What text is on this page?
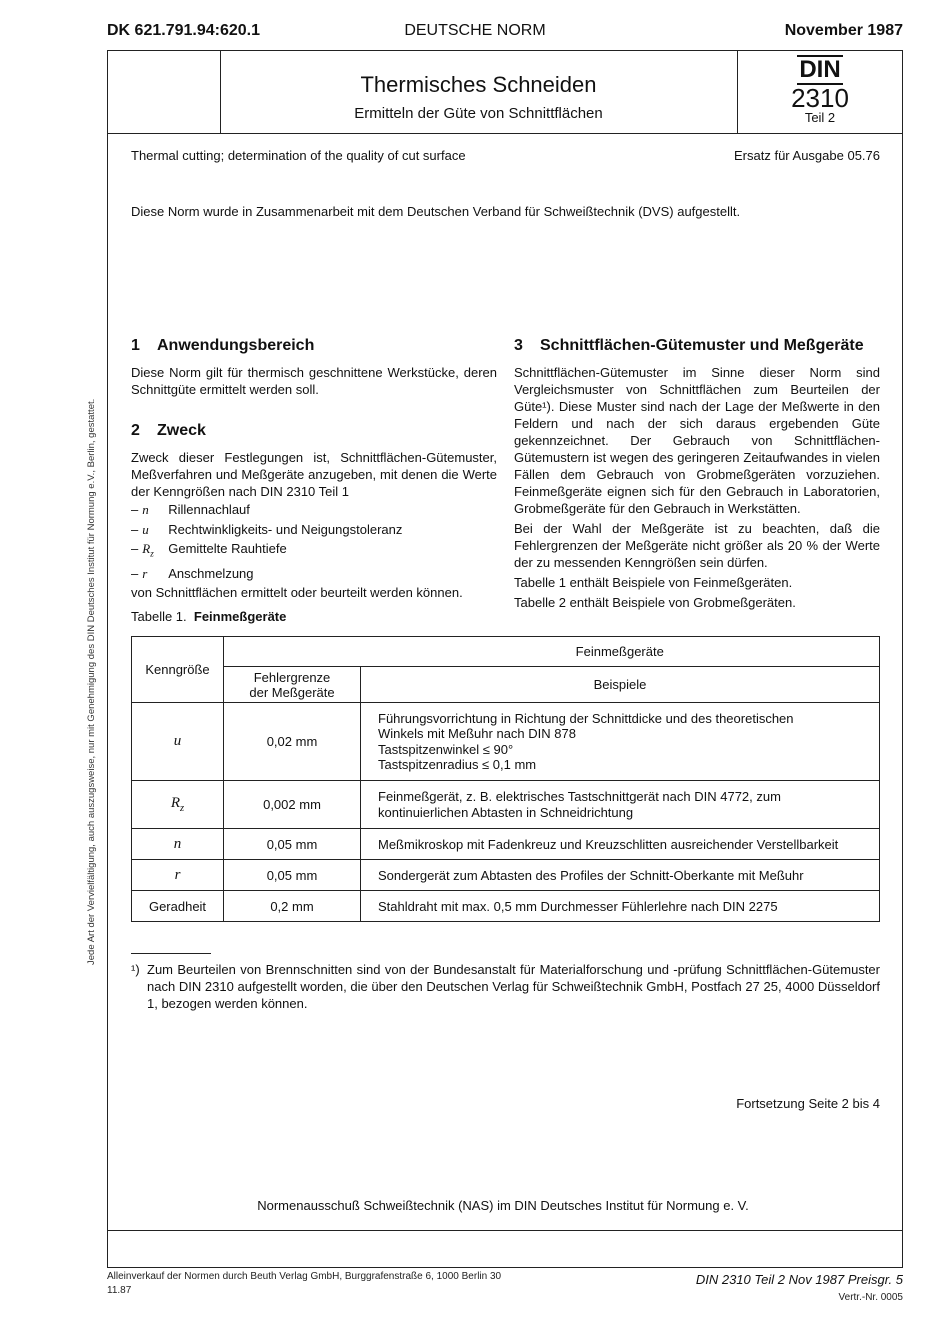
DK 621.791.94:620.1	DEUTSCHE NORM	November 1987
Thermisches Schneiden
Ermitteln der Güte von Schnittflächen
DIN
2310
Teil 2
Thermal cutting; determination of the quality of cut surface	Ersatz für Ausgabe 05.76
Diese Norm wurde in Zusammenarbeit mit dem Deutschen Verband für Schweißtechnik (DVS) aufgestellt.
Jede Art der Vervielfältigung, auch auszugsweise, nur mit Genehmigung des DIN Deutsches Institut für Normung e.V., Berlin, gestattet.
1 Anwendungsbereich

Diese Norm gilt für thermisch geschnittene Werkstücke, deren Schnittgüte ermittelt werden soll.

2 Zweck

Zweck dieser Festlegungen ist, Schnittflächen-Gütemuster, Meßverfahren und Meßgeräte anzugeben, mit denen die Werte der Kenngrößen nach DIN 2310 Teil 1

– n Rillennachlauf
– u Rechtwinkligkeits- und Neigungstoleranz
– $R_z$ Gemittelte Rauhtiefe
– r Anschmelzung

von Schnittflächen ermittelt oder beurteilt werden können.

3 Schnittflächen-Gütemuster und Meßgeräte

Schnittflächen-Gütemuster im Sinne dieser Norm sind Vergleichsmuster von Schnittflächen zum Beurteilen der Güte¹). Diese Muster sind nach der Lage der Meßwerte in den Feldern und nach der sich daraus ergebenden Güte gekennzeichnet. Der Gebrauch von Schnittflächen-Gütemustern ist wegen des geringeren Zeitaufwandes in vielen Fällen dem Gebrauch von Grobmeßgeräten vorzuziehen. Feinmeßgeräte eignen sich für den Gebrauch in Laboratorien, Grobmeßgeräte für den Gebrauch in Werkstätten.

Bei der Wahl der Meßgeräte ist zu beachten, daß die Fehlergrenzen der Meßgeräte nicht größer als 20 % der Werte der zu messenden Kenngrößen sein dürfen.

Tabelle 1 enthält Beispiele von Feinmeßgeräten.

Tabelle 2 enthält Beispiele von Grobmeßgeräten.

Tabelle 1. Feinmeßgeräte
Kenngröße		Feinmeßgeräte
	Fehlergrenze
der Meßgeräte	Beispiele
u	0,02 mm	Führungsvorrichtung in Richtung der Schnittdicke und des theoretischen
Winkels mit Meßuhr nach DIN 878
Tastspitzenwinkel ≤ 90°
Tastspitzenradius ≤ 0,1 mm

$R_z$	0,002 mm	Feinmeßgerät, z. B. elektrisches Tastschnittgerät nach DIN 4772, zum
kontinuierlichen Abtasten in Schneidrichtung

n	0,05 mm	Meßmikroskop mit Fadenkreuz und Kreuzschlitten ausreichender Verstellbarkeit

r	0,05 mm	Sondergerät zum Abtasten des Profiles der Schnitt-Oberkante mit Meßuhr

Geradheit	0,2 mm	Stahldraht mit max. 0,5 mm Durchmesser Fühlerlehre nach DIN 2275
¹) Zum Beurteilen von Brennschnitten sind von der Bundesanstalt für Materialforschung und -prüfung Schnittflächen-Gütemuster nach DIN 2310 aufgestellt worden, die über den Deutschen Verlag für Schweißtechnik GmbH, Postfach 27 25, 4000 Düsseldorf 1, bezogen werden können.

Fortsetzung Seite 2 bis 4
Normenausschuß Schweißtechnik (NAS) im DIN Deutsches Institut für Normung e. V.
Alleinverkauf der Normen durch Beuth Verlag GmbH, Burggrafenstraße 6, 1000 Berlin 30
11.87
DIN 2310 Teil 2 Nov 1987 Preisgr. 5
Vertr.-Nr. 0005
